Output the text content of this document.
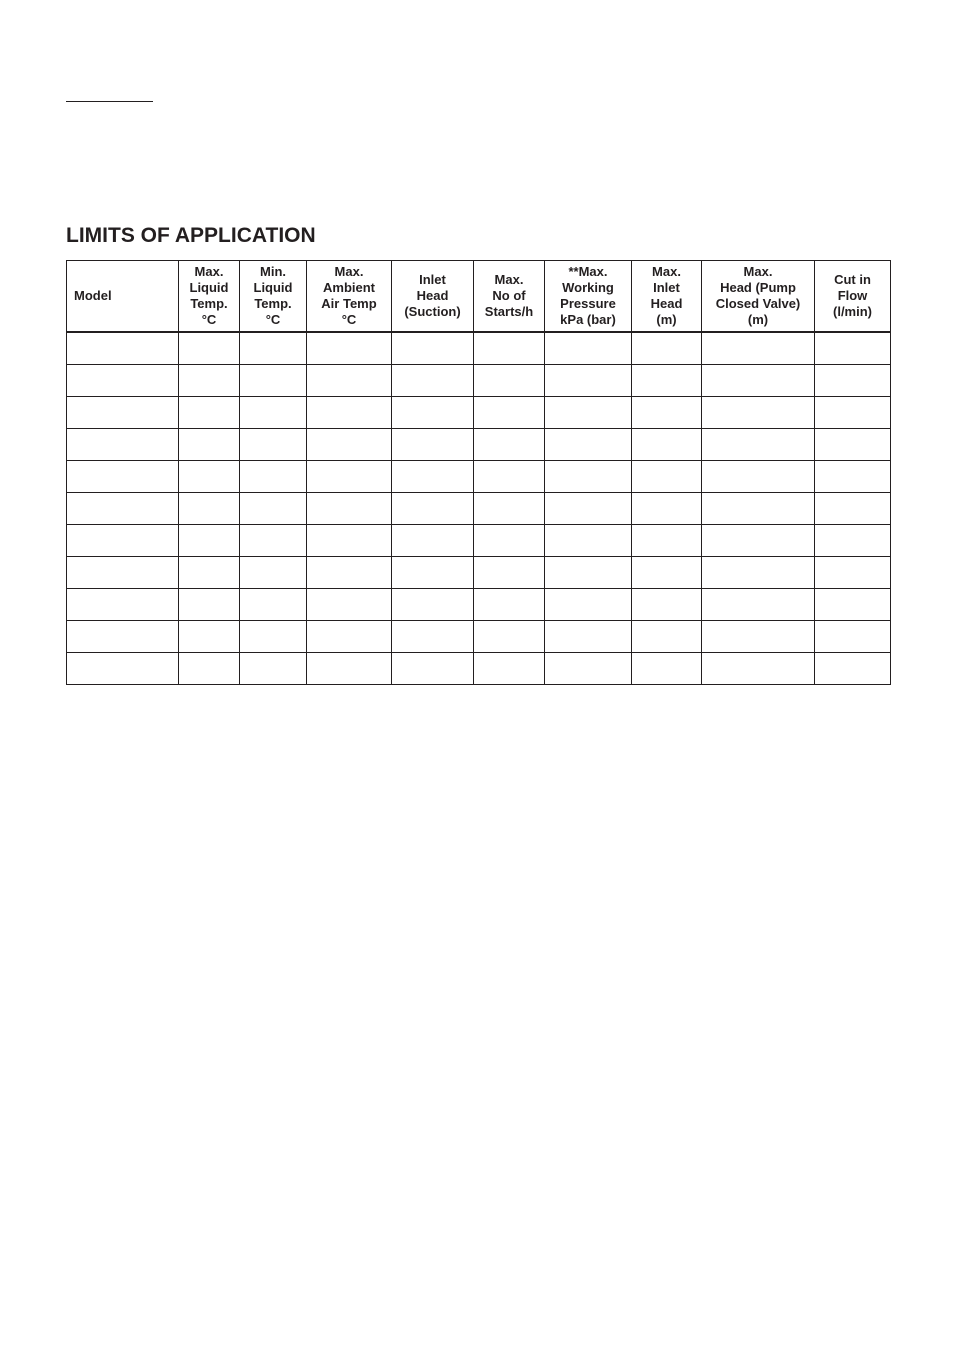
LIMITS OF APPLICATION
Model	Max.
Liquid
Temp.
°C	Min.
Liquid
Temp.
°C	Max.
Ambient
Air Temp
°C	Inlet
Head
(Suction)	Max.
No of
Starts/h	**Max.
Working
Pressure
kPa (bar)	Max.
Inlet
Head
(m)	Max.
Head (Pump
Closed Valve)
(m)	Cut in
Flow
(l/min)
